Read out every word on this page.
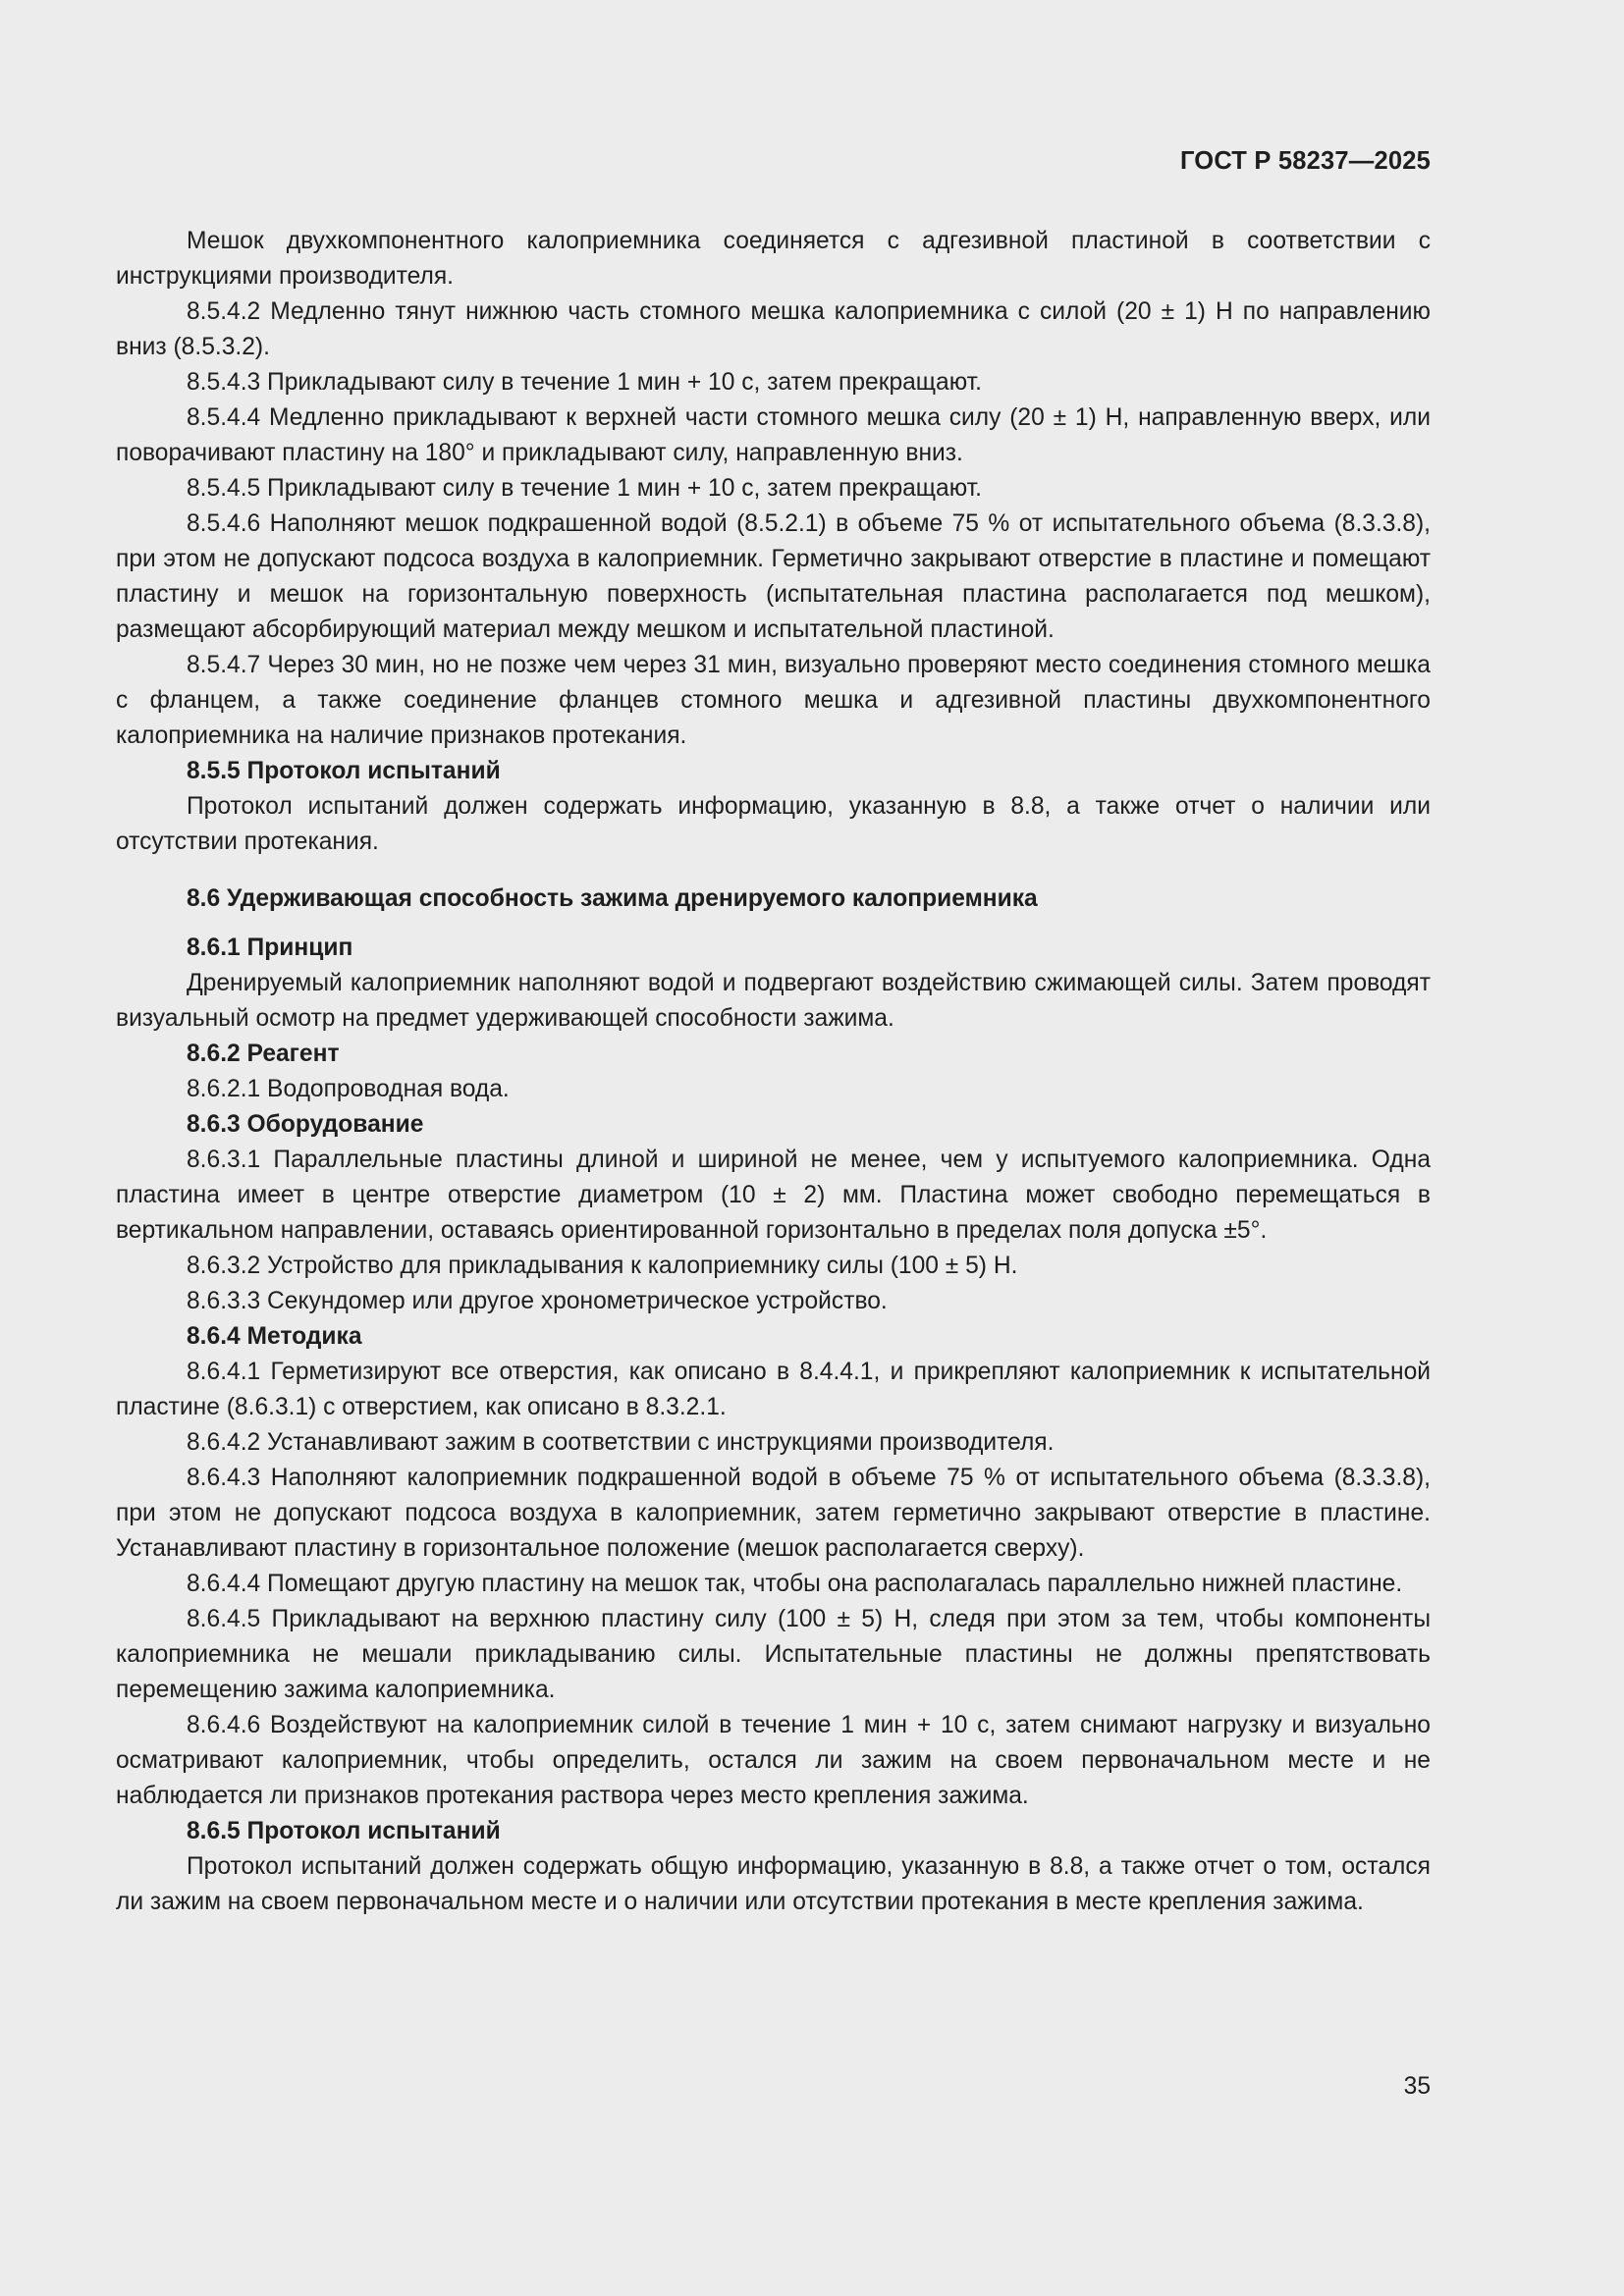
ГОСТ Р 58237—2025

Мешок двухкомпонентного калоприемника соединяется с адгезивной пластиной в соответствии с инструкциями производителя.

8.5.4.2 Медленно тянут нижнюю часть стомного мешка калоприемника с силой (20 ± 1) Н по направлению вниз (8.5.3.2).

8.5.4.3 Прикладывают силу в течение 1 мин + 10 с, затем прекращают.

8.5.4.4 Медленно прикладывают к верхней части стомного мешка силу (20 ± 1) Н, направленную вверх, или поворачивают пластину на 180° и прикладывают силу, направленную вниз.

8.5.4.5 Прикладывают силу в течение 1 мин + 10 с, затем прекращают.

8.5.4.6 Наполняют мешок подкрашенной водой (8.5.2.1) в объеме 75 % от испытательного объема (8.3.3.8), при этом не допускают подсоса воздуха в калоприемник. Герметично закрывают отверстие в пластине и помещают пластину и мешок на горизонтальную поверхность (испытательная пластина располагается под мешком), размещают абсорбирующий материал между мешком и испытательной пластиной.

8.5.4.7 Через 30 мин, но не позже чем через 31 мин, визуально проверяют место соединения стомного мешка с фланцем, а также соединение фланцев стомного мешка и адгезивной пластины двухкомпонентного калоприемника на наличие признаков протекания.

8.5.5 Протокол испытаний

Протокол испытаний должен содержать информацию, указанную в 8.8, а также отчет о наличии или отсутствии протекания.

8.6 Удерживающая способность зажима дренируемого калоприемника

8.6.1 Принцип

Дренируемый калоприемник наполняют водой и подвергают воздействию сжимающей силы. Затем проводят визуальный осмотр на предмет удерживающей способности зажима.

8.6.2 Реагент

8.6.2.1 Водопроводная вода.

8.6.3 Оборудование

8.6.3.1 Параллельные пластины длиной и шириной не менее, чем у испытуемого калоприемника. Одна пластина имеет в центре отверстие диаметром (10 ± 2) мм. Пластина может свободно перемещаться в вертикальном направлении, оставаясь ориентированной горизонтально в пределах поля допуска ±5°.

8.6.3.2 Устройство для прикладывания к калоприемнику силы (100 ± 5) Н.

8.6.3.3 Секундомер или другое хронометрическое устройство.

8.6.4 Методика

8.6.4.1 Герметизируют все отверстия, как описано в 8.4.4.1, и прикрепляют калоприемник к испытательной пластине (8.6.3.1) с отверстием, как описано в 8.3.2.1.

8.6.4.2 Устанавливают зажим в соответствии с инструкциями производителя.

8.6.4.3 Наполняют калоприемник подкрашенной водой в объеме 75 % от испытательного объема (8.3.3.8), при этом не допускают подсоса воздуха в калоприемник, затем герметично закрывают отверстие в пластине. Устанавливают пластину в горизонтальное положение (мешок располагается сверху).

8.6.4.4 Помещают другую пластину на мешок так, чтобы она располагалась параллельно нижней пластине.

8.6.4.5 Прикладывают на верхнюю пластину силу (100 ± 5) Н, следя при этом за тем, чтобы компоненты калоприемника не мешали прикладыванию силы. Испытательные пластины не должны препятствовать перемещению зажима калоприемника.

8.6.4.6 Воздействуют на калоприемник силой в течение 1 мин + 10 с, затем снимают нагрузку и визуально осматривают калоприемник, чтобы определить, остался ли зажим на своем первоначальном месте и не наблюдается ли признаков протекания раствора через место крепления зажима.

8.6.5 Протокол испытаний

Протокол испытаний должен содержать общую информацию, указанную в 8.8, а также отчет о том, остался ли зажим на своем первоначальном месте и о наличии или отсутствии протекания в месте крепления зажима.

35
